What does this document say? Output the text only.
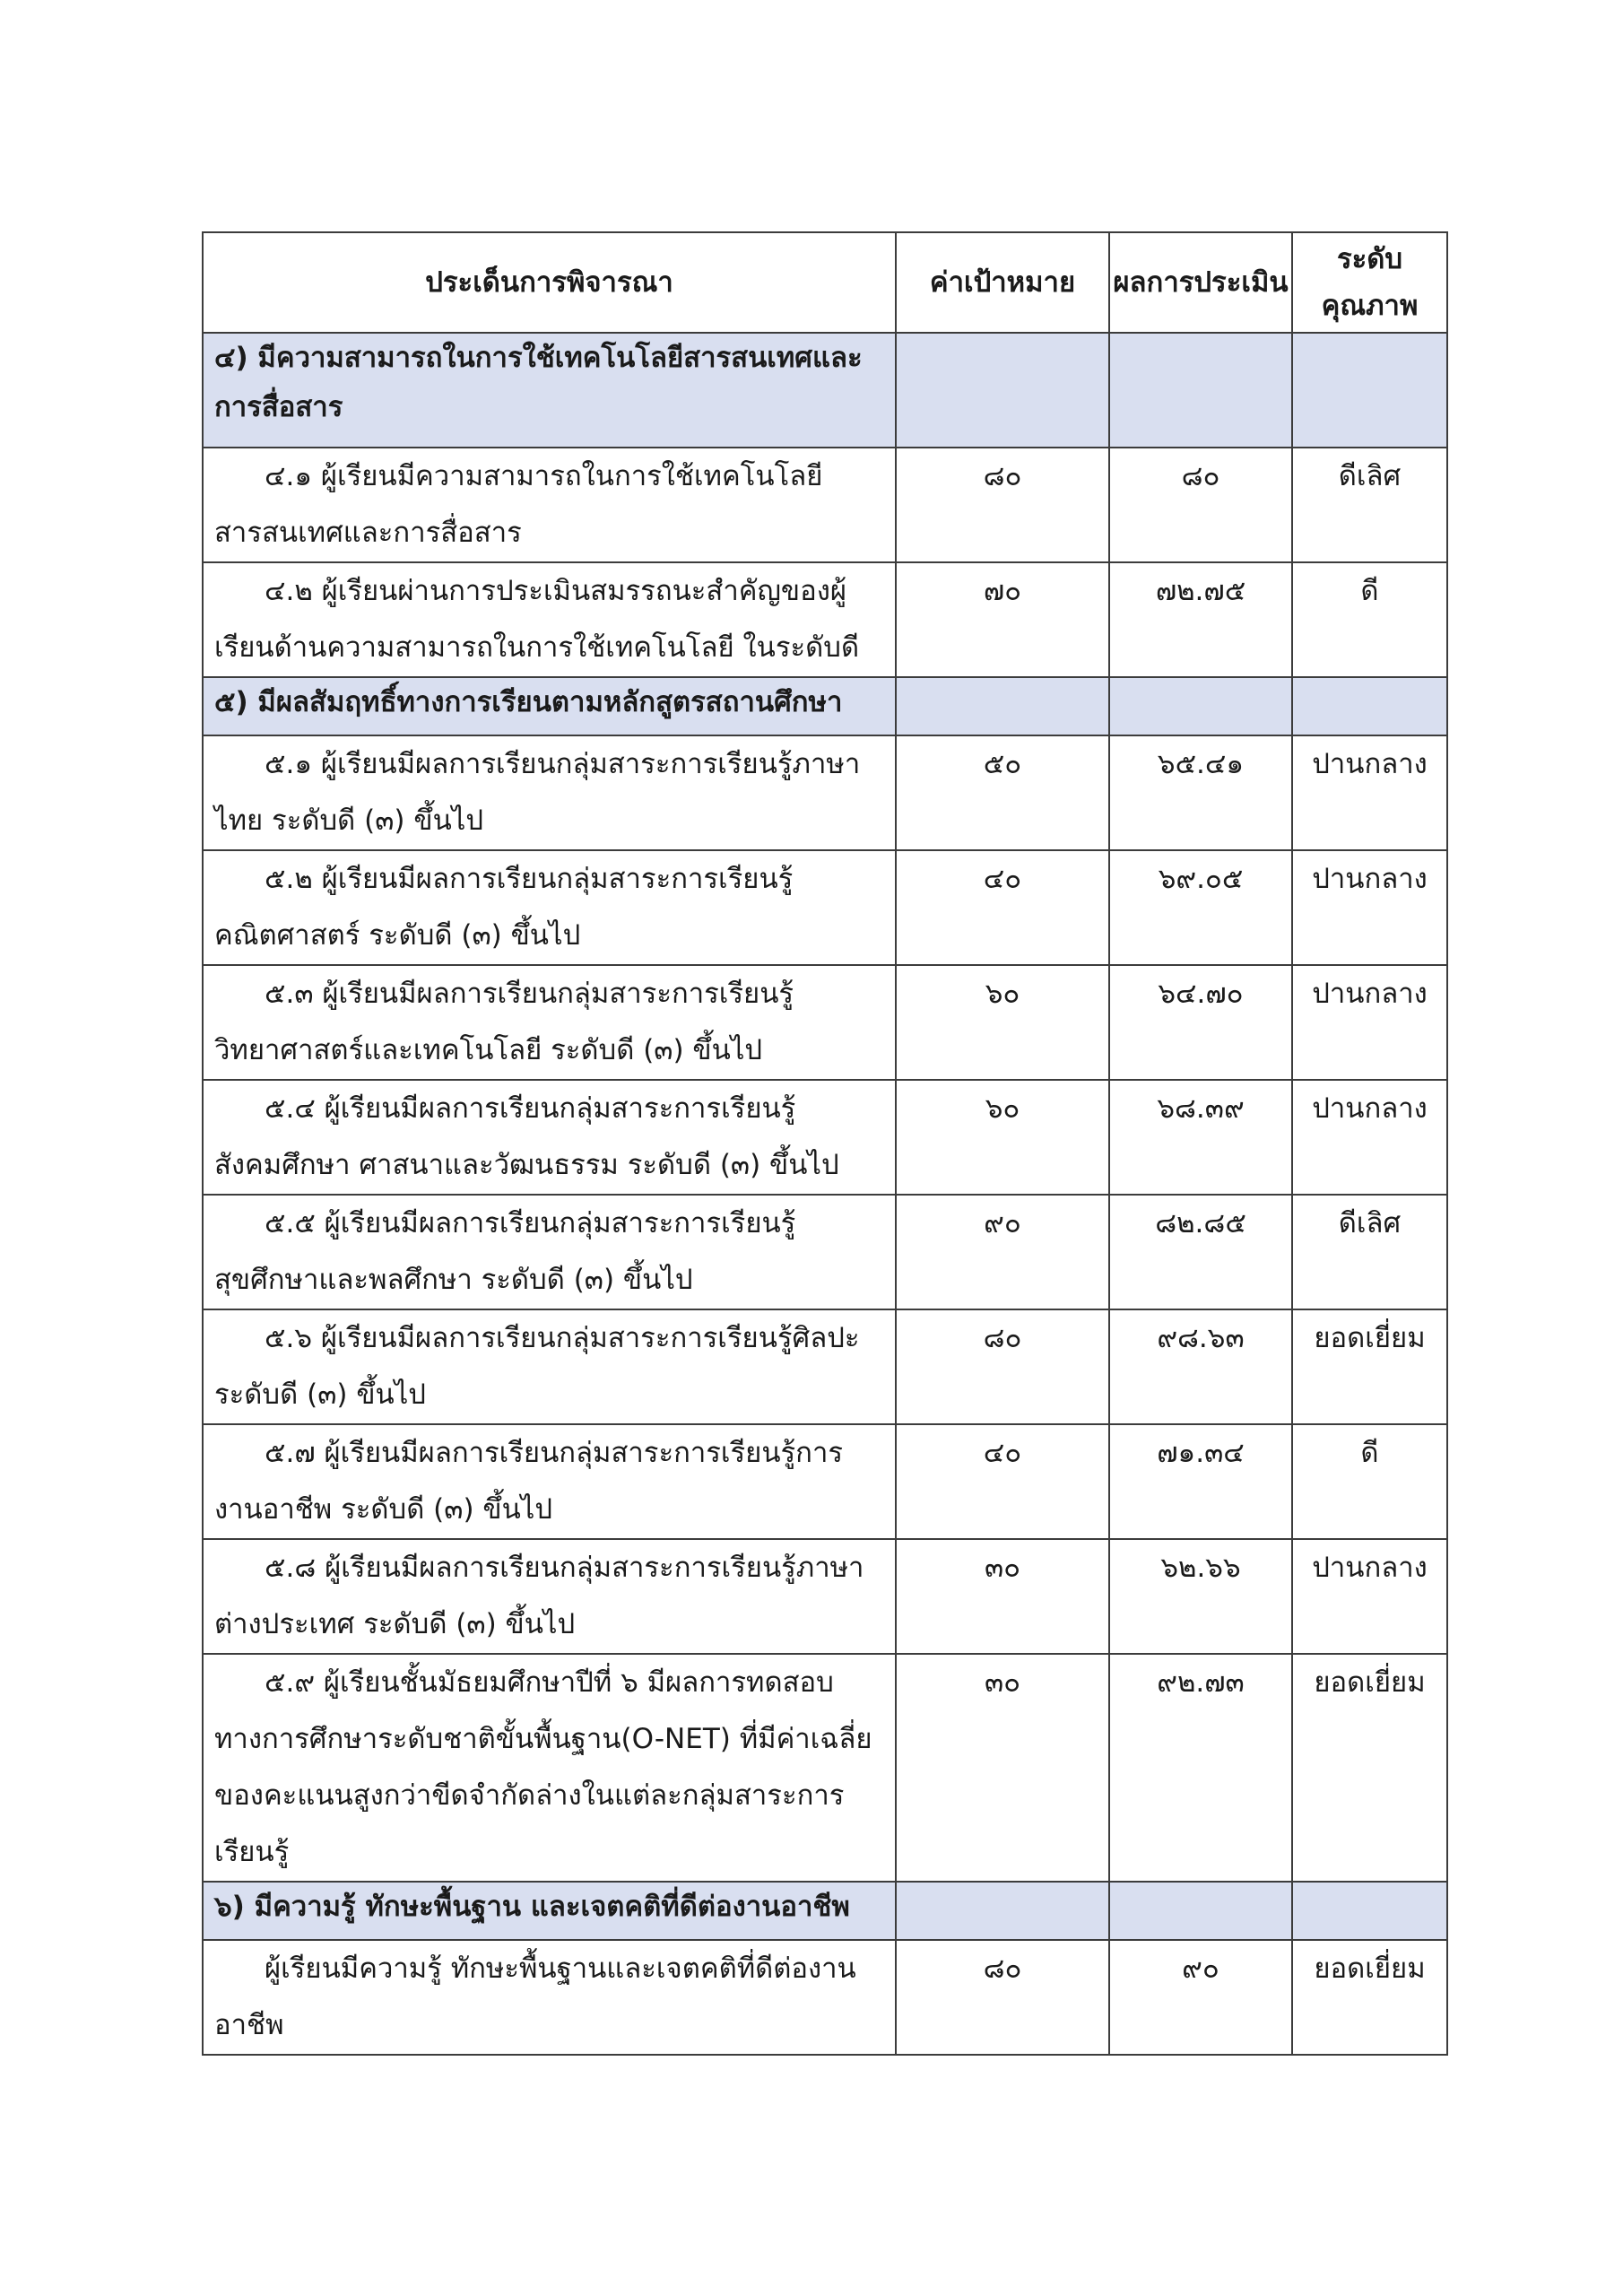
ประเด็นการพิจารณา	ค่าเป้าหมาย	ผลการประเมิน	ระดับคุณภาพ
๔) มีความสามารถในการใช้เทคโนโลยีสารสนเทศและการสื่อสาร			
๔.๑ ผู้เรียนมีความสามารถในการใช้เทคโนโลยีสารสนเทศและการสื่อสาร	๘๐	๘๐	ดีเลิศ
๔.๒ ผู้เรียนผ่านการประเมินสมรรถนะสำคัญของผู้เรียนด้านความสามารถในการใช้เทคโนโลยี ในระดับดี	๗๐	๗๒.๗๕	ดี
๕) มีผลสัมฤทธิ์ทางการเรียนตามหลักสูตรสถานศึกษา			
๕.๑ ผู้เรียนมีผลการเรียนกลุ่มสาระการเรียนรู้ภาษาไทย ระดับดี (๓) ขึ้นไป	๕๐	๖๕.๔๑	ปานกลาง
๕.๒ ผู้เรียนมีผลการเรียนกลุ่มสาระการเรียนรู้คณิตศาสตร์ ระดับดี (๓) ขึ้นไป	๔๐	๖๙.๐๕	ปานกลาง
๕.๓ ผู้เรียนมีผลการเรียนกลุ่มสาระการเรียนรู้วิทยาศาสตร์และเทคโนโลยี ระดับดี (๓) ขึ้นไป	๖๐	๖๔.๗๐	ปานกลาง
๕.๔ ผู้เรียนมีผลการเรียนกลุ่มสาระการเรียนรู้สังคมศึกษา ศาสนาและวัฒนธรรม ระดับดี (๓) ขึ้นไป	๖๐	๖๘.๓๙	ปานกลาง
๕.๕ ผู้เรียนมีผลการเรียนกลุ่มสาระการเรียนรู้สุขศึกษาและพลศึกษา ระดับดี (๓) ขึ้นไป	๙๐	๘๒.๘๕	ดีเลิศ
๕.๖ ผู้เรียนมีผลการเรียนกลุ่มสาระการเรียนรู้ศิลปะระดับดี (๓) ขึ้นไป	๘๐	๙๘.๖๓	ยอดเยี่ยม
๕.๗ ผู้เรียนมีผลการเรียนกลุ่มสาระการเรียนรู้การงานอาชีพ ระดับดี (๓) ขึ้นไป	๔๐	๗๑.๓๔	ดี
๕.๘ ผู้เรียนมีผลการเรียนกลุ่มสาระการเรียนรู้ภาษาต่างประเทศ ระดับดี (๓) ขึ้นไป	๓๐	๖๒.๖๖	ปานกลาง
๕.๙ ผู้เรียนชั้นมัธยมศึกษาปีที่ ๖ มีผลการทดสอบทางการศึกษาระดับชาติขั้นพื้นฐาน(O-NET) ที่มีค่าเฉลี่ยของคะแนนสูงกว่าขีดจำกัดล่างในแต่ละกลุ่มสาระการเรียนรู้	๓๐	๙๒.๗๓	ยอดเยี่ยม
๖) มีความรู้ ทักษะพื้นฐาน และเจตคติที่ดีต่องานอาชีพ			
ผู้เรียนมีความรู้ ทักษะพื้นฐานและเจตคติที่ดีต่องานอาชีพ	๘๐	๙๐	ยอดเยี่ยม
